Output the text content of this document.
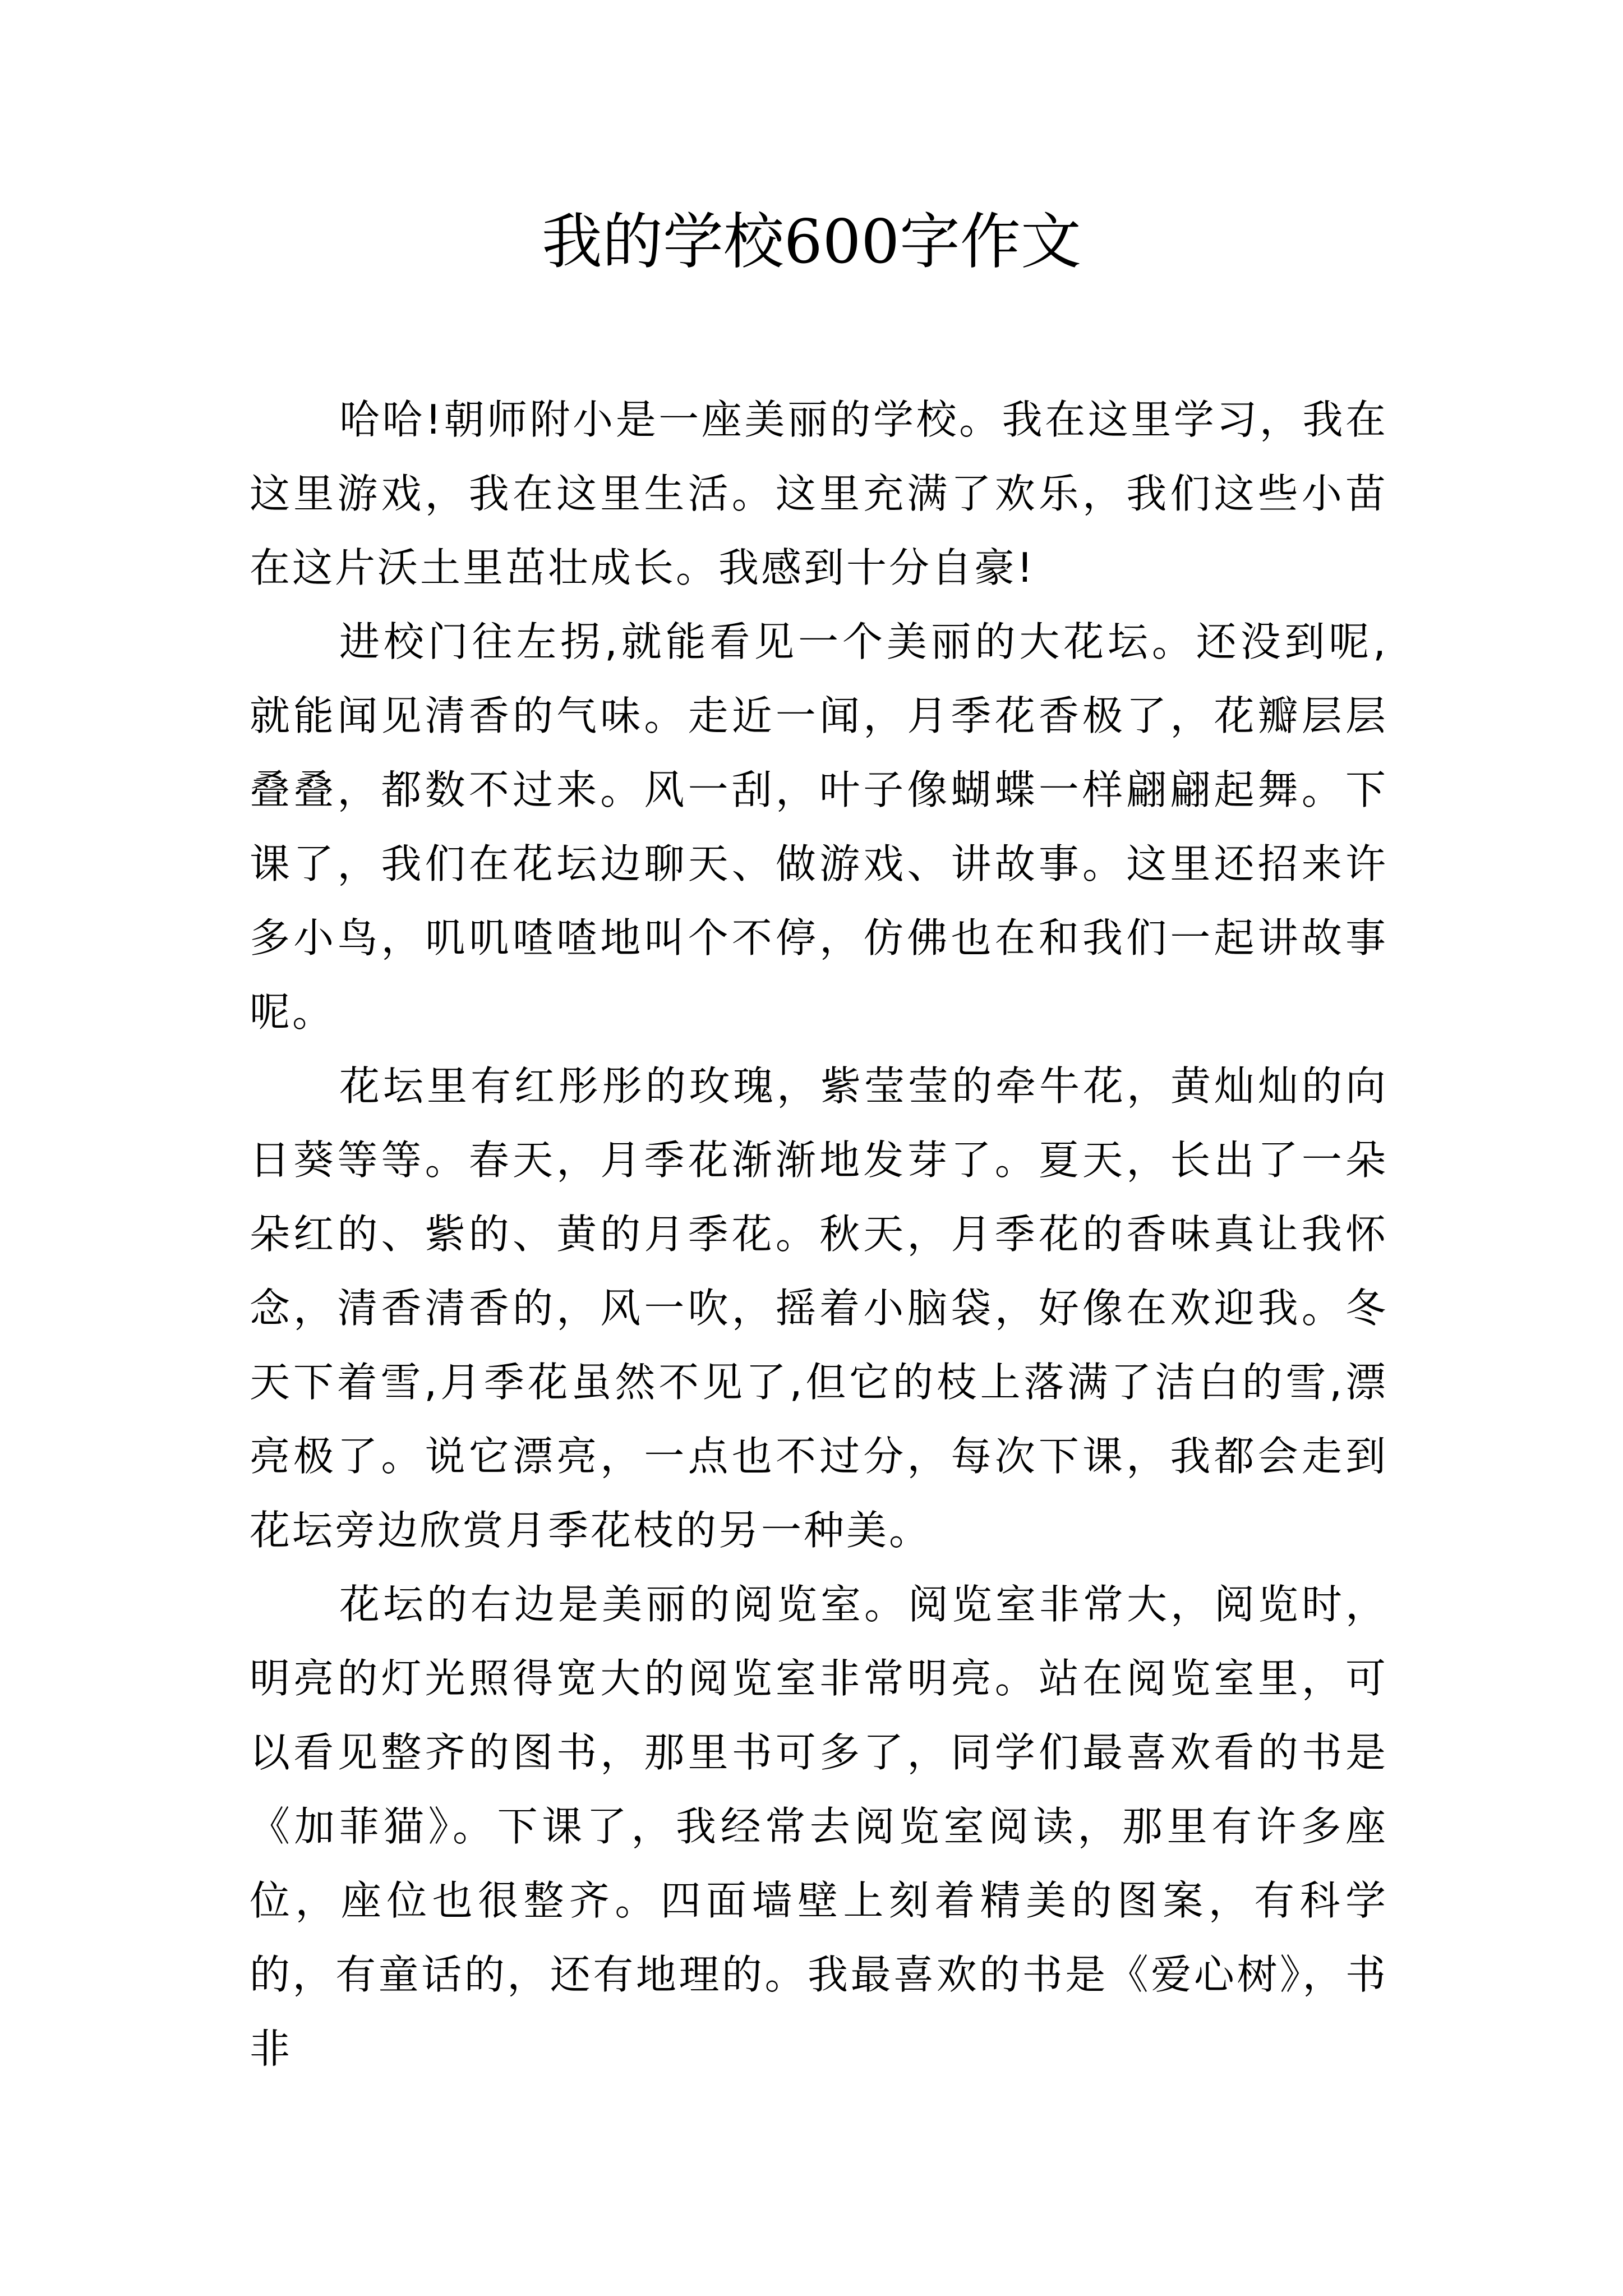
我的学校600字作文

哈哈!朝师附小是一座美丽的学校。我在这里学习，我在这里游戏，我在这里生活。这里充满了欢乐，我们这些小苗在这片沃土里茁壮成长。我感到十分自豪!

进校门往左拐,就能看见一个美丽的大花坛。还没到呢,就能闻见清香的气味。走近一闻，月季花香极了，花瓣层层叠叠，都数不过来。风一刮，叶子像蝴蝶一样翩翩起舞。下课了，我们在花坛边聊天、做游戏、讲故事。这里还招来许多小鸟，叽叽喳喳地叫个不停，仿佛也在和我们一起讲故事呢。

花坛里有红彤彤的玫瑰，紫莹莹的牵牛花，黄灿灿的向日葵等等。春天，月季花渐渐地发芽了。夏天，长出了一朵朵红的、紫的、黄的月季花。秋天，月季花的香味真让我怀念，清香清香的，风一吹，摇着小脑袋，好像在欢迎我。冬天下着雪,月季花虽然不见了,但它的枝上落满了洁白的雪,漂亮极了。说它漂亮，一点也不过分，每次下课，我都会走到花坛旁边欣赏月季花枝的另一种美。

花坛的右边是美丽的阅览室。阅览室非常大，阅览时，明亮的灯光照得宽大的阅览室非常明亮。站在阅览室里，可以看见整齐的图书，那里书可多了，同学们最喜欢看的书是《加菲猫》。下课了，我经常去阅览室阅读，那里有许多座位，座位也很整齐。四面墙壁上刻着精美的图案，有科学的，有童话的，还有地理的。我最喜欢的书是《爱心树》，书非
